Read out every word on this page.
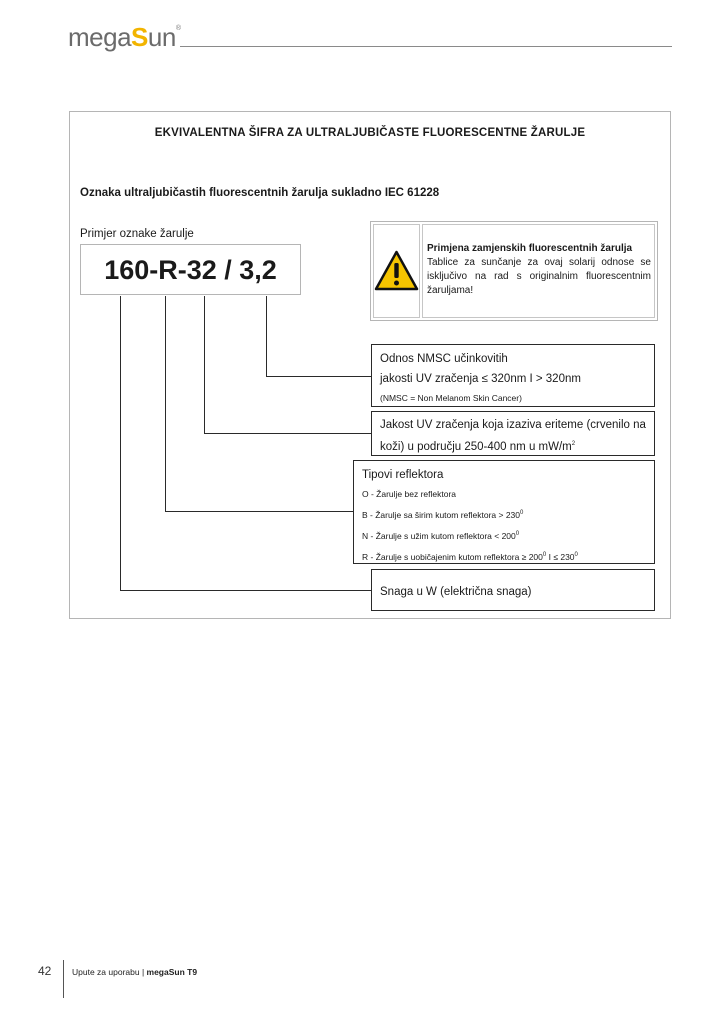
megaSun®
EKVIVALENTNA ŠIFRA ZA ULTRALJUBIČASTE FLUORESCENTNE ŽARULJE
Oznaka ultraljubičastih fluorescentnih žarulja sukladno IEC 61228
Primjer oznake žarulje
160-R-32 / 3,2
Primjena zamjenskih fluorescentnih žarulja
Tablice za sunčanje za ovaj solarij odnose se isključivo na rad s originalnim fluorescentnim žaruljama!
Odnos NMSC učinkovitih
jakosti UV zračenja ≤ 320nm I > 320nm
(NMSC = Non Melanom Skin Cancer)
Jakost UV zračenja koja izaziva eriteme (crvenilo na koži) u području 250-400 nm u $mW/m^2$
Tipovi reflektora
O - Žarulje bez reflektora
B - Žarulje sa širim kutom reflektora > $230^0$
N - Žarulje s užim kutom reflektora < $200^0$
R - Žarulje s uobičajenim kutom reflektora ≥ $200^0$ $I \le 230^0$
Snaga u W (električna snaga)
42 Upute za uporabu | megaSun T9
